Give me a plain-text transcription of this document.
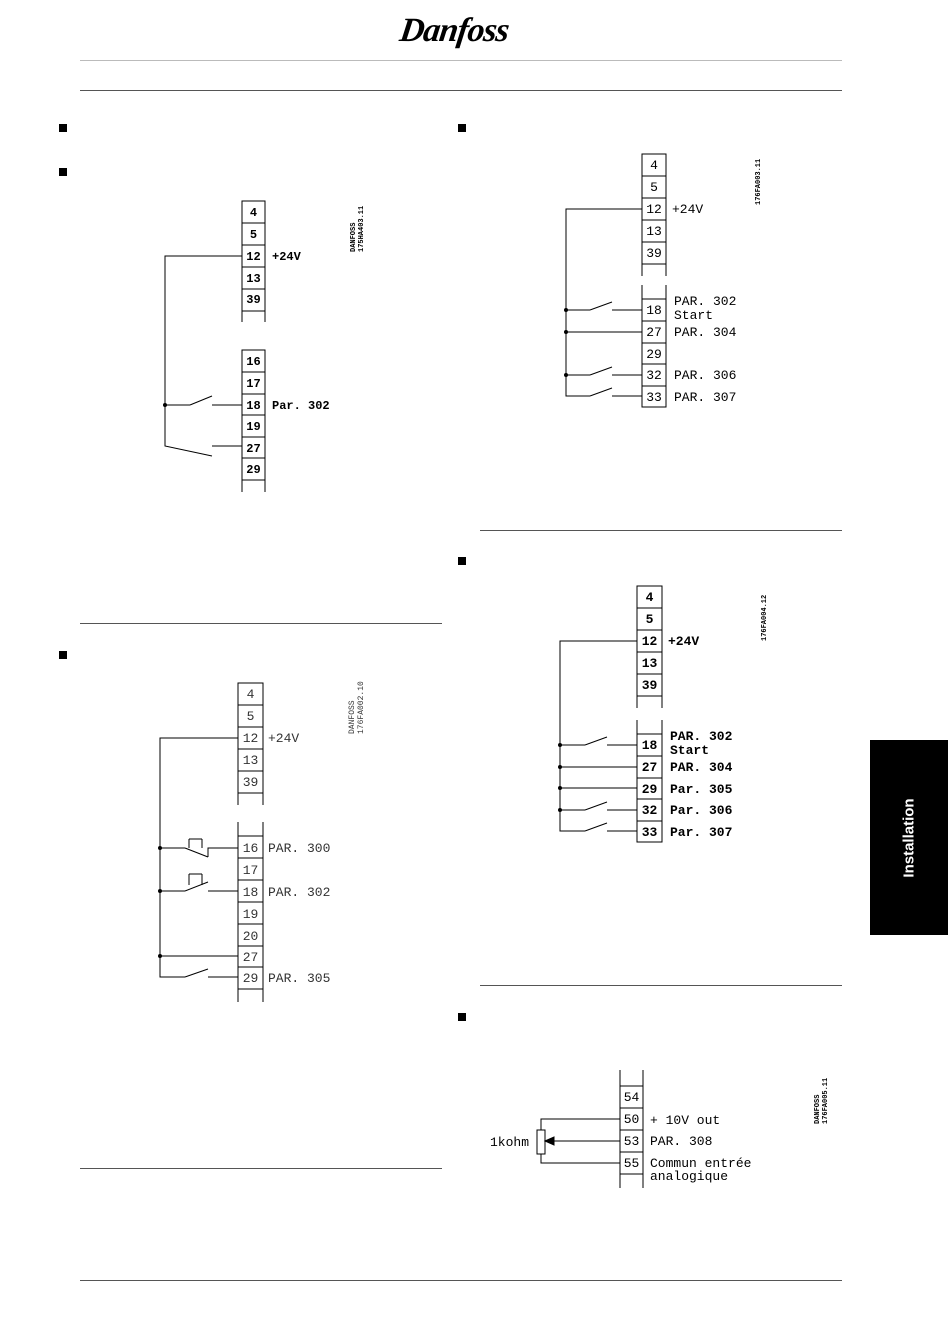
Danfoss
Installation
4
5
12
13
39
16
17
18
19
27
29
+24V
Par. 302
DANFOSS 175HA403.11
4
5
12
13
39
18
27
29
32
33
+24V
PAR. 302
Start
PAR. 304
PAR. 306
PAR. 307
176FA003.11
4
5
12
13
39
18
27
29
32
33
+24V
PAR. 302
Start
PAR. 304
Par. 305
Par. 306
Par. 307
176FA004.12
4
5
12
13
39
16
17
18
19
20
27
29
+24V
PAR. 300
PAR. 302
PAR. 305
DANFOSS 176FA002.10
54
50
53
55
+ 10V out
PAR. 308
Commun entrée
analogique
1kohm
DANFOSS 176FA005.11
